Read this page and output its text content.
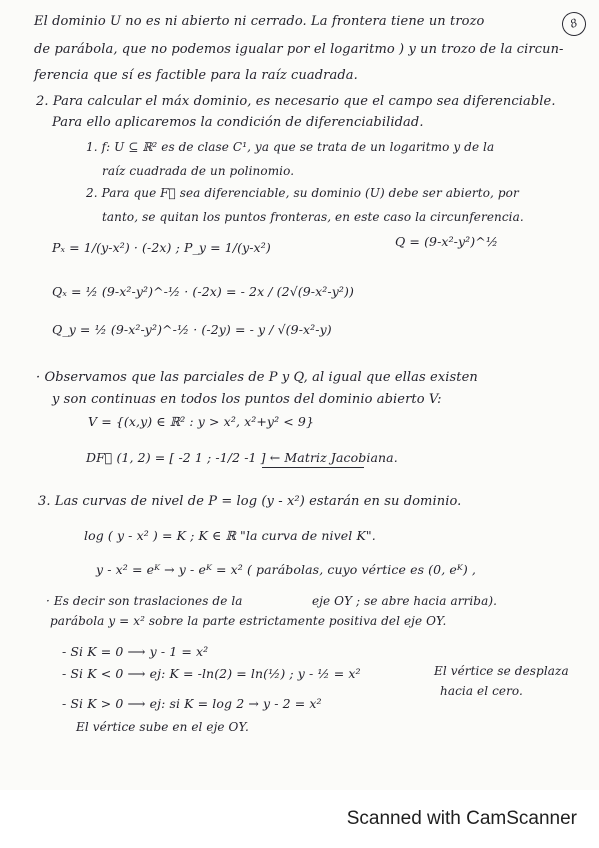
8
El dominio U no es ni abierto ni cerrado. La frontera tiene un trozo
de parábola, que no podemos igualar por el logaritmo ) y un trozo de la circun-
ferencia que sí es factible para la raíz cuadrada.
2. Para calcular el máx dominio, es necesario que el campo sea diferenciable.
Para ello aplicaremos la condición de diferenciabilidad.
1. f: U ⊆ ℝ² es de clase C¹, ya que se trata de un logaritmo y de la
raíz cuadrada de un polinomio.
2. Para que F⃗ sea diferenciable, su dominio (U) debe ser abierto, por
tanto, se quitan los puntos fronteras, en este caso la circunferencia.
Pₓ = 1/(y-x²) · (-2x) ; P_y = 1/(y-x²)	Q = (9-x²-y²)^½
Qₓ = ½ (9-x²-y²)^-½ · (-2x) = - 2x / (2√(9-x²-y²))
Q_y = ½ (9-x²-y²)^-½ · (-2y) = - y / √(9-x²-y)
· Observamos que las parciales de P y Q, al igual que ellas existen
y son continuas en todos los puntos del dominio abierto V:
V = {(x,y) ∈ ℝ² : y > x², x²+y² < 9}
DF⃗ (1, 2) = [ -2 1 ; -1/2 -1 ] ← Matriz Jacobiana.
3. Las curvas de nivel de P = log (y - x²) estarán en su dominio.
log ( y - x² ) = K ; K ∈ ℝ "la curva de nivel K".
y - x² = eᴷ → y - eᴷ = x² ( parábolas, cuyo vértice es (0, eᴷ) ,
· Es decir son traslaciones de la	eje OY ; se abre hacia arriba).
parábola y = x² sobre la parte estrictamente positiva del eje OY.
- Si K = 0 ⟶ y - 1 = x²
- Si K < 0 ⟶ ej: K = -ln(2) = ln(½) ; y - ½ = x²	El vértice se desplaza
hacia el cero.
- Si K > 0 ⟶ ej: si K = log 2 → y - 2 = x²
El vértice sube en el eje OY.
Scanned with CamScanner
